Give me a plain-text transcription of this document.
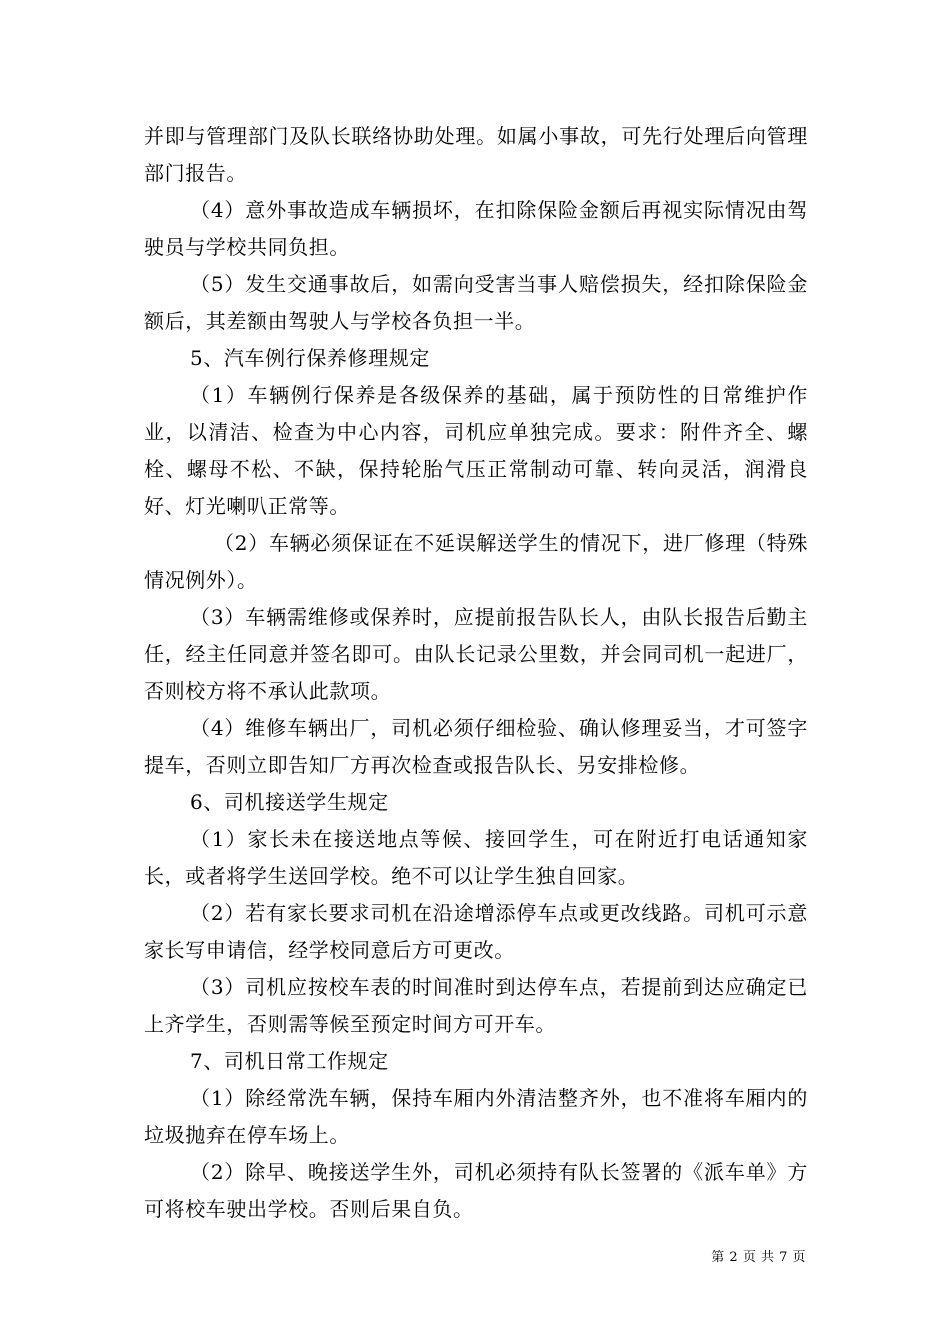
并即与管理部门及队长联络协助处理。如属小事故，可先行处理后向管理部门报告。

（4）意外事故造成车辆损坏，在扣除保险金额后再视实际情况由驾驶员与学校共同负担。

（5）发生交通事故后，如需向受害当事人赔偿损失，经扣除保险金额后，其差额由驾驶人与学校各负担一半。

5、汽车例行保养修理规定

（1）车辆例行保养是各级保养的基础，属于预防性的日常维护作业，以清洁、检查为中心内容，司机应单独完成。要求：附件齐全、螺栓、螺母不松、不缺，保持轮胎气压正常制动可靠、转向灵活，润滑良好、灯光喇叭正常等。

（2）车辆必须保证在不延误解送学生的情况下，进厂修理（特殊情况例外）。

（3）车辆需维修或保养时，应提前报告队长人，由队长报告后勤主任，经主任同意并签名即可。由队长记录公里数，并会同司机一起进厂，否则校方将不承认此款项。

（4）维修车辆出厂，司机必须仔细检验、确认修理妥当，才可签字提车，否则立即告知厂方再次检查或报告队长、另安排检修。

6、司机接送学生规定

（1）家长未在接送地点等候、接回学生，可在附近打电话通知家长，或者将学生送回学校。绝不可以让学生独自回家。

（2）若有家长要求司机在沿途增添停车点或更改线路。司机可示意家长写申请信，经学校同意后方可更改。

（3）司机应按校车表的时间准时到达停车点，若提前到达应确定已上齐学生，否则需等候至预定时间方可开车。

7、司机日常工作规定

（1）除经常洗车辆，保持车厢内外清洁整齐外，也不准将车厢内的垃圾抛弃在停车场上。

（2）除早、晚接送学生外，司机必须持有队长签署的《派车单》方可将校车驶出学校。否则后果自负。

第 2 页 共 7 页
